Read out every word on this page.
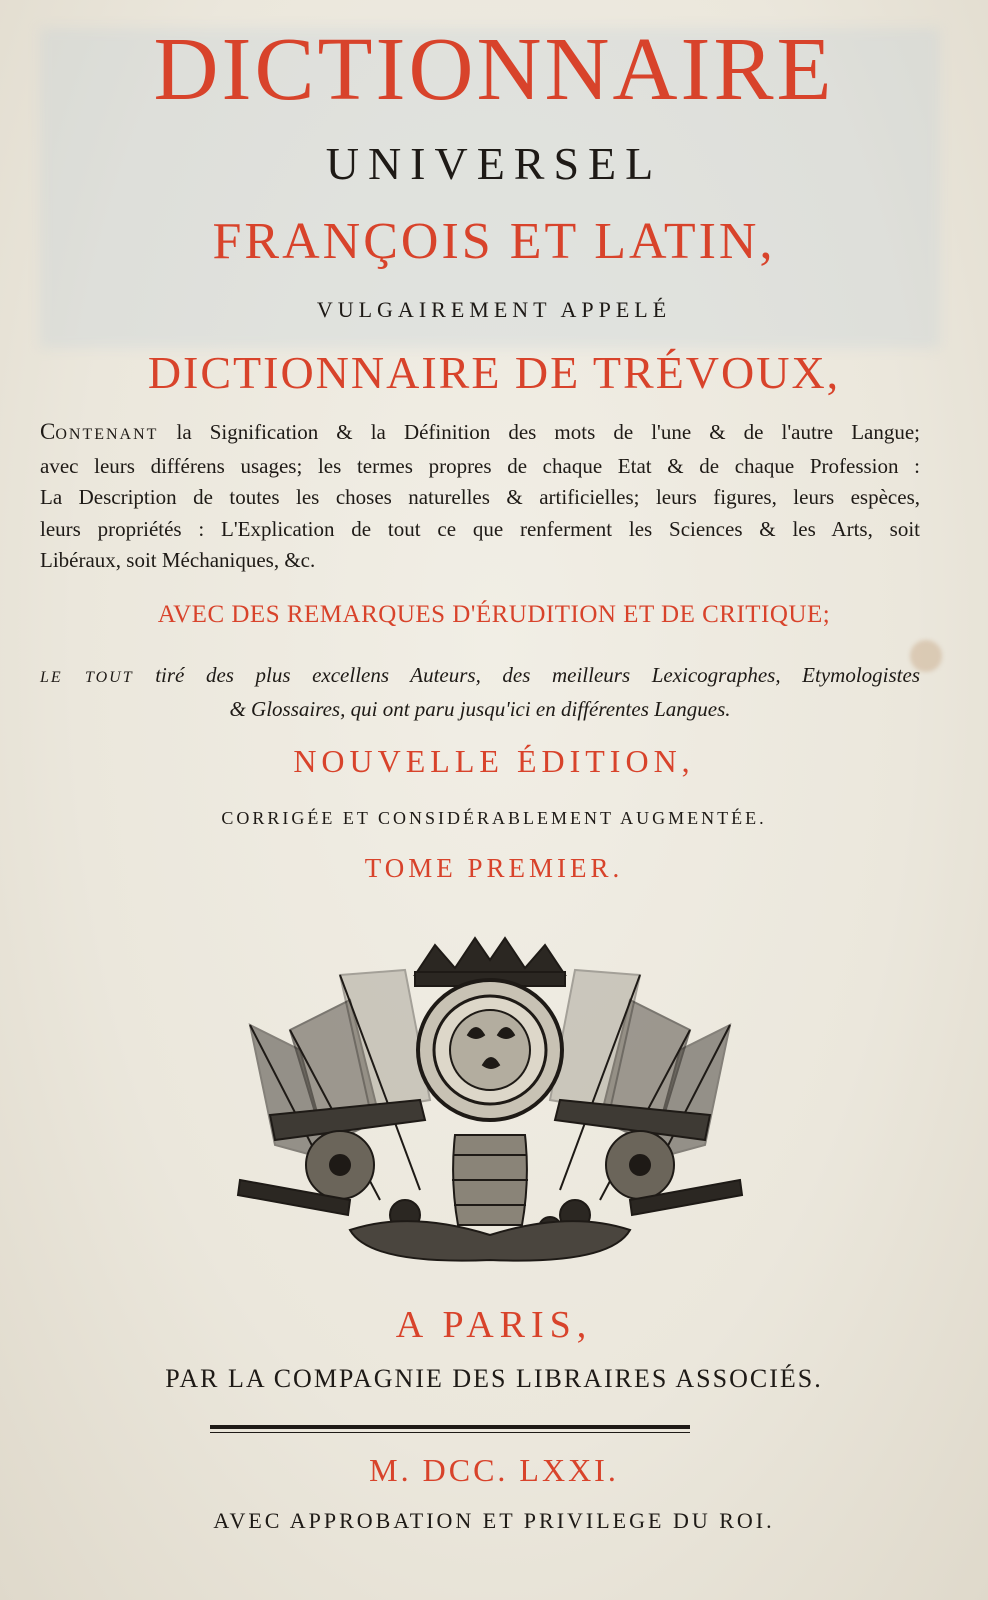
DICTIONNAIRE
UNIVERSEL
FRANÇOIS ET LATIN,
VULGAIREMENT APPELÉ
DICTIONNAIRE DE TRÉVOUX,
CONTENANT la Signification & la Définition des mots de l'une & de l'autre Langue;
avec leurs différens usages; les termes propres de chaque Etat & de chaque Profession :
La Description de toutes les choses naturelles & artificielles; leurs figures, leurs espèces,
leurs propriétés : L'Explication de tout ce que renferment les Sciences & les Arts, soit
Libéraux, soit Méchaniques, &c.
AVEC DES REMARQUES D'ÉRUDITION ET DE CRITIQUE;
LE TOUT tiré des plus excellens Auteurs, des meilleurs Lexicographes, Etymologistes
& Glossaires, qui ont paru jusqu'ici en différentes Langues.
NOUVELLE ÉDITION,
CORRIGÉE ET CONSIDÉRABLEMENT AUGMENTÉE.
TOME PREMIER.
A PARIS,
PAR LA COMPAGNIE DES LIBRAIRES ASSOCIÉS.
M. DCC. LXXI.
AVEC APPROBATION ET PRIVILEGE DU ROI.
